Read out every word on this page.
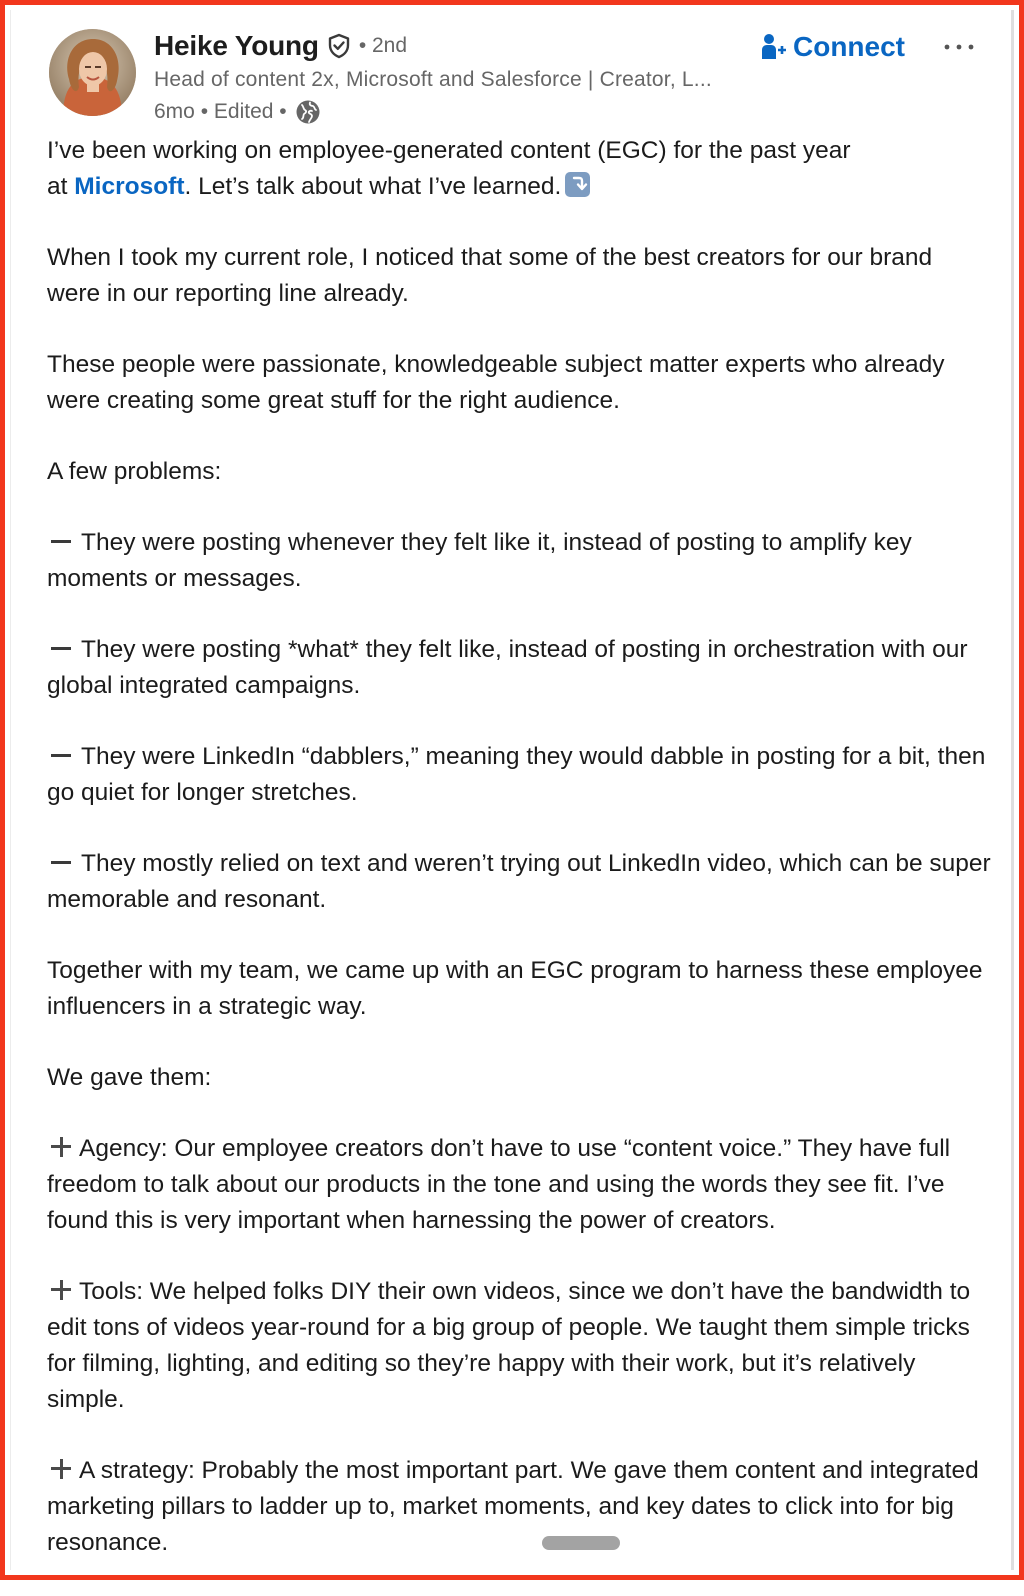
Heike Young • 2nd
Head of content 2x, Microsoft and Salesforce | Creator, L...
6mo • Edited •
Connect

I’ve been working on employee-generated content (EGC) for the past year
at Microsoft. Let’s talk about what I’ve learned.

When I took my current role, I noticed that some of the best creators for our brand were in our reporting line already.

These people were passionate, knowledgeable subject matter experts who already were creating some great stuff for the right audience.

A few problems:

They were posting whenever they felt like it, instead of posting to amplify key moments or messages.

They were posting *what* they felt like, instead of posting in orchestration with our global integrated campaigns.

They were LinkedIn “dabblers,” meaning they would dabble in posting for a bit, then go quiet for longer stretches.

They mostly relied on text and weren’t trying out LinkedIn video, which can be super memorable and resonant.

Together with my team, we came up with an EGC program to harness these employee influencers in a strategic way.

We gave them:

Agency: Our employee creators don’t have to use “content voice.” They have full freedom to talk about our products in the tone and using the words they see fit. I’ve found this is very important when harnessing the power of creators.

Tools: We helped folks DIY their own videos, since we don’t have the bandwidth to edit tons of videos year-round for a big group of people. We taught them simple tricks for filming, lighting, and editing so they’re happy with their work, but it’s relatively simple.

A strategy: Probably the most important part. We gave them content and integrated marketing pillars to ladder up to, market moments, and key dates to click into for big resonance.
